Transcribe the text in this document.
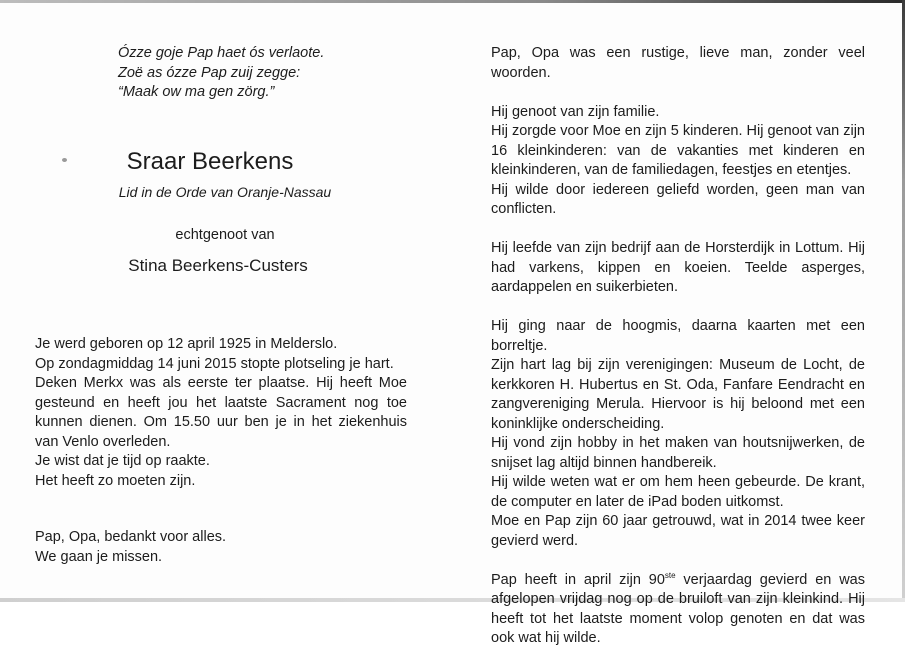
Ózze goje Pap haet ós verlaote.
Zoë as ózze Pap zuij zegge:
“Maak ow ma gen zörg.”
Sraar Beerkens
Lid in de Orde van Oranje-Nassau
echtgenoot van
Stina Beerkens-Custers

Je werd geboren op 12 april 1925 in Melderslo.

Op zondagmiddag 14 juni 2015 stopte plotseling je hart.

Deken Merkx was als eerste ter plaatse. Hij heeft Moe gesteund en heeft jou het laatste Sacrament nog toe kunnen dienen. Om 15.50 uur ben je in het ziekenhuis van Venlo overleden.

Je wist dat je tijd op raakte.

Het heeft zo moeten zijn.

Pap, Opa, bedankt voor alles.
We gaan je missen.

Pap, Opa was een rustige, lieve man, zonder veel woorden.

Hij genoot van zijn familie.

Hij zorgde voor Moe en zijn 5 kinderen. Hij genoot van zijn 16 kleinkinderen: van de vakanties met kinderen en kleinkinderen, van de familiedagen, feestjes en etentjes.

Hij wilde door iedereen geliefd worden, geen man van conflicten.

Hij leefde van zijn bedrijf aan de Horsterdijk in Lottum. Hij had varkens, kippen en koeien. Teelde asperges, aardappelen en suikerbieten.

Hij ging naar de hoogmis, daarna kaarten met een borreltje.

Zijn hart lag bij zijn verenigingen: Museum de Locht, de kerkkoren H. Hubertus en St. Oda, Fanfare Eendracht en zangvereniging Merula. Hiervoor is hij beloond met een koninklijke onderscheiding.

Hij vond zijn hobby in het maken van houtsnijwerken, de snijset lag altijd binnen handbereik.

Hij wilde weten wat er om hem heen gebeurde. De krant, de computer en later de iPad boden uitkomst.

Moe en Pap zijn 60 jaar getrouwd, wat in 2014 twee keer gevierd werd.

Pap heeft in april zijn 90ste verjaardag gevierd en was afgelopen vrijdag nog op de bruiloft van zijn kleinkind. Hij heeft tot het laatste moment volop genoten en dat was ook wat hij wilde.
